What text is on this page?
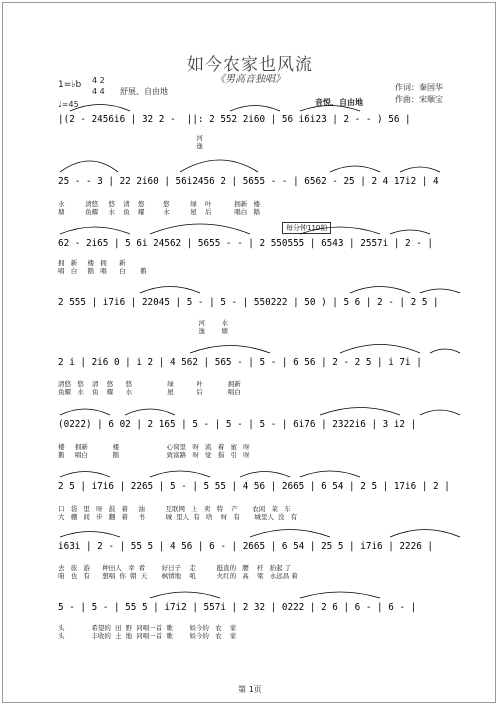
如今农家也风流
《男高音独唱》
作词：秦国华
作曲：宋顺宝
1=♭b 4 2
4 4 舒展、自由地
♩=45	音悦、自由地
|(2 - 2456i6 | 32 2 -  ||: 2 552 2i60 | 56 i6i23 | 2 - - ) 56 |
河
逸
25 - - 3 | 22 2i60 | 56i2456 2 | 5655 - - | 6562 - 25 | 2 4 17i2 | 4
水          清悠     悠    清    悠         悠          绿    叶           拥新   楼
塘          鱼耀     水    鱼    耀         水          屋    后           唱白   鹅
每分钟110拍
62 - 2i65 | 5 6i 24562 | 5655 - - | 2 550555 | 6543 | 2557i | 2 - |
拥   新     楼   拥      新
唱   白     鹅   唱      白       鹅
2 555 | i7i6 | 22045 | 5 - | 5 - | 550222 | 50 ) | 5 6 | 2 - | 2 5 |
河        水
逸        塘
2 i | 2i6 0 | i 2 | 4 562 | 565 - | 5 - | 6 56 | 2 - 2 5 | i 7i |
清悠   悠    清    悠      悠                 绿           叶            拥新
鱼耀   水    鱼    耀      水                 屋           后            唱白
(0222) | 6 02 | 2 165 | 5 - | 5 - | 5 - | 6i76 | 2322i6 | 3 i2 |
楼     拥新            楼                       心窝里   呀   流   着   蜜   呀
鹅     唱白            鹅                       致富路   呀   觉   指   引   呀
2 5 | i7i6 | 2265 | 5 - | 5 55 | 4 56 | 2665 | 6 54 | 2 5 | 17i6 | 2 |
口   袋   里   呀   鼓   着     油          互联网   上   卖   特    产       农闲   菜   车
大   棚   间   步   翻   着     书          城  里人  有   啥    呀   有       城里人  没   有
i63i | 2 - | 55 5 | 4 56 | 6 - | 2665 | 6 54 | 25 5 | i7i6 | 2226 |
去   旅   游      种田人   幸  看        好日子    走          挺直的   腰    杆   抬起 了
咱   也   有      想唱  你  朝  天       枫情地    吼          火红的   高    梁   永远昌 着
5 - | 5 - | 55 5 | i7i2 | 557i | 2 32 | 0222 | 2 6 | 6 - | 6 - |
头             希望的  田  野  同唱一首  歌        如今的   农    家
头             丰收的  土  地  同唱一首  歌        如今的   农    家
第 1页
